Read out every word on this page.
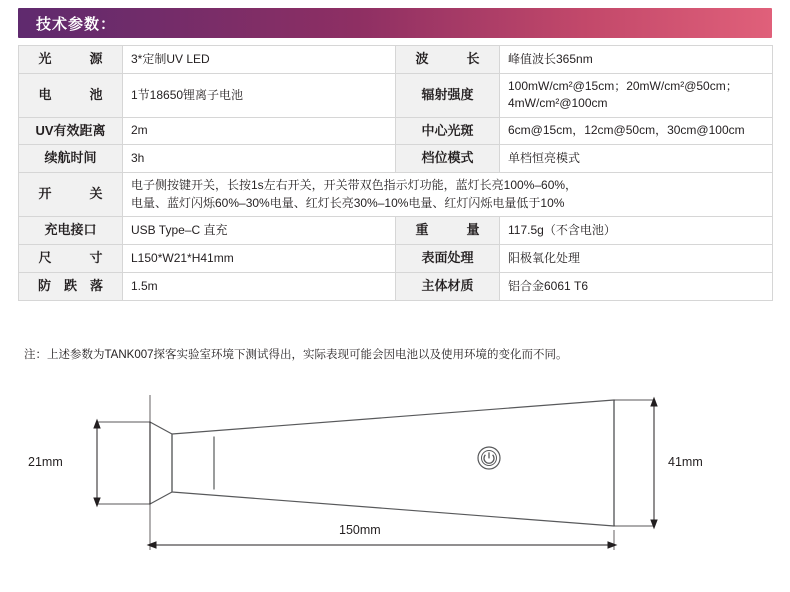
技术参数：
光　　源	3*定制UV LED	波　　长	峰值波长365nm
电　　池	1节18650锂离子电池	辐射强度	100mW/cm²@15cm；20mW/cm²@50cm；4mW/cm²@100cm
UV有效距离	2m	中心光斑	6cm@15cm，12cm@50cm，30cm@100cm
续航时间	3h	档位模式	单档恒亮模式
开　　关	电子侧按键开关，长按1s左右开关，开关带双色指示灯功能，蓝灯长亮100%–60%，
电量、蓝灯闪烁60%–30%电量、红灯长亮30%–10%电量、红灯闪烁电量低于10%		

充电接口	USB Type–C 直充	重　　量	117.5g（不含电池）
尺　　寸	L150*W21*H41mm	表面处理	阳极氧化处理
防　跌　落	1.5m	主体材质	铝合金6061 T6
注：上述参数为TANK007探客实验室环境下测试得出，实际表现可能会因电池以及使用环境的变化而不同。
21mm	41mm
150mm
